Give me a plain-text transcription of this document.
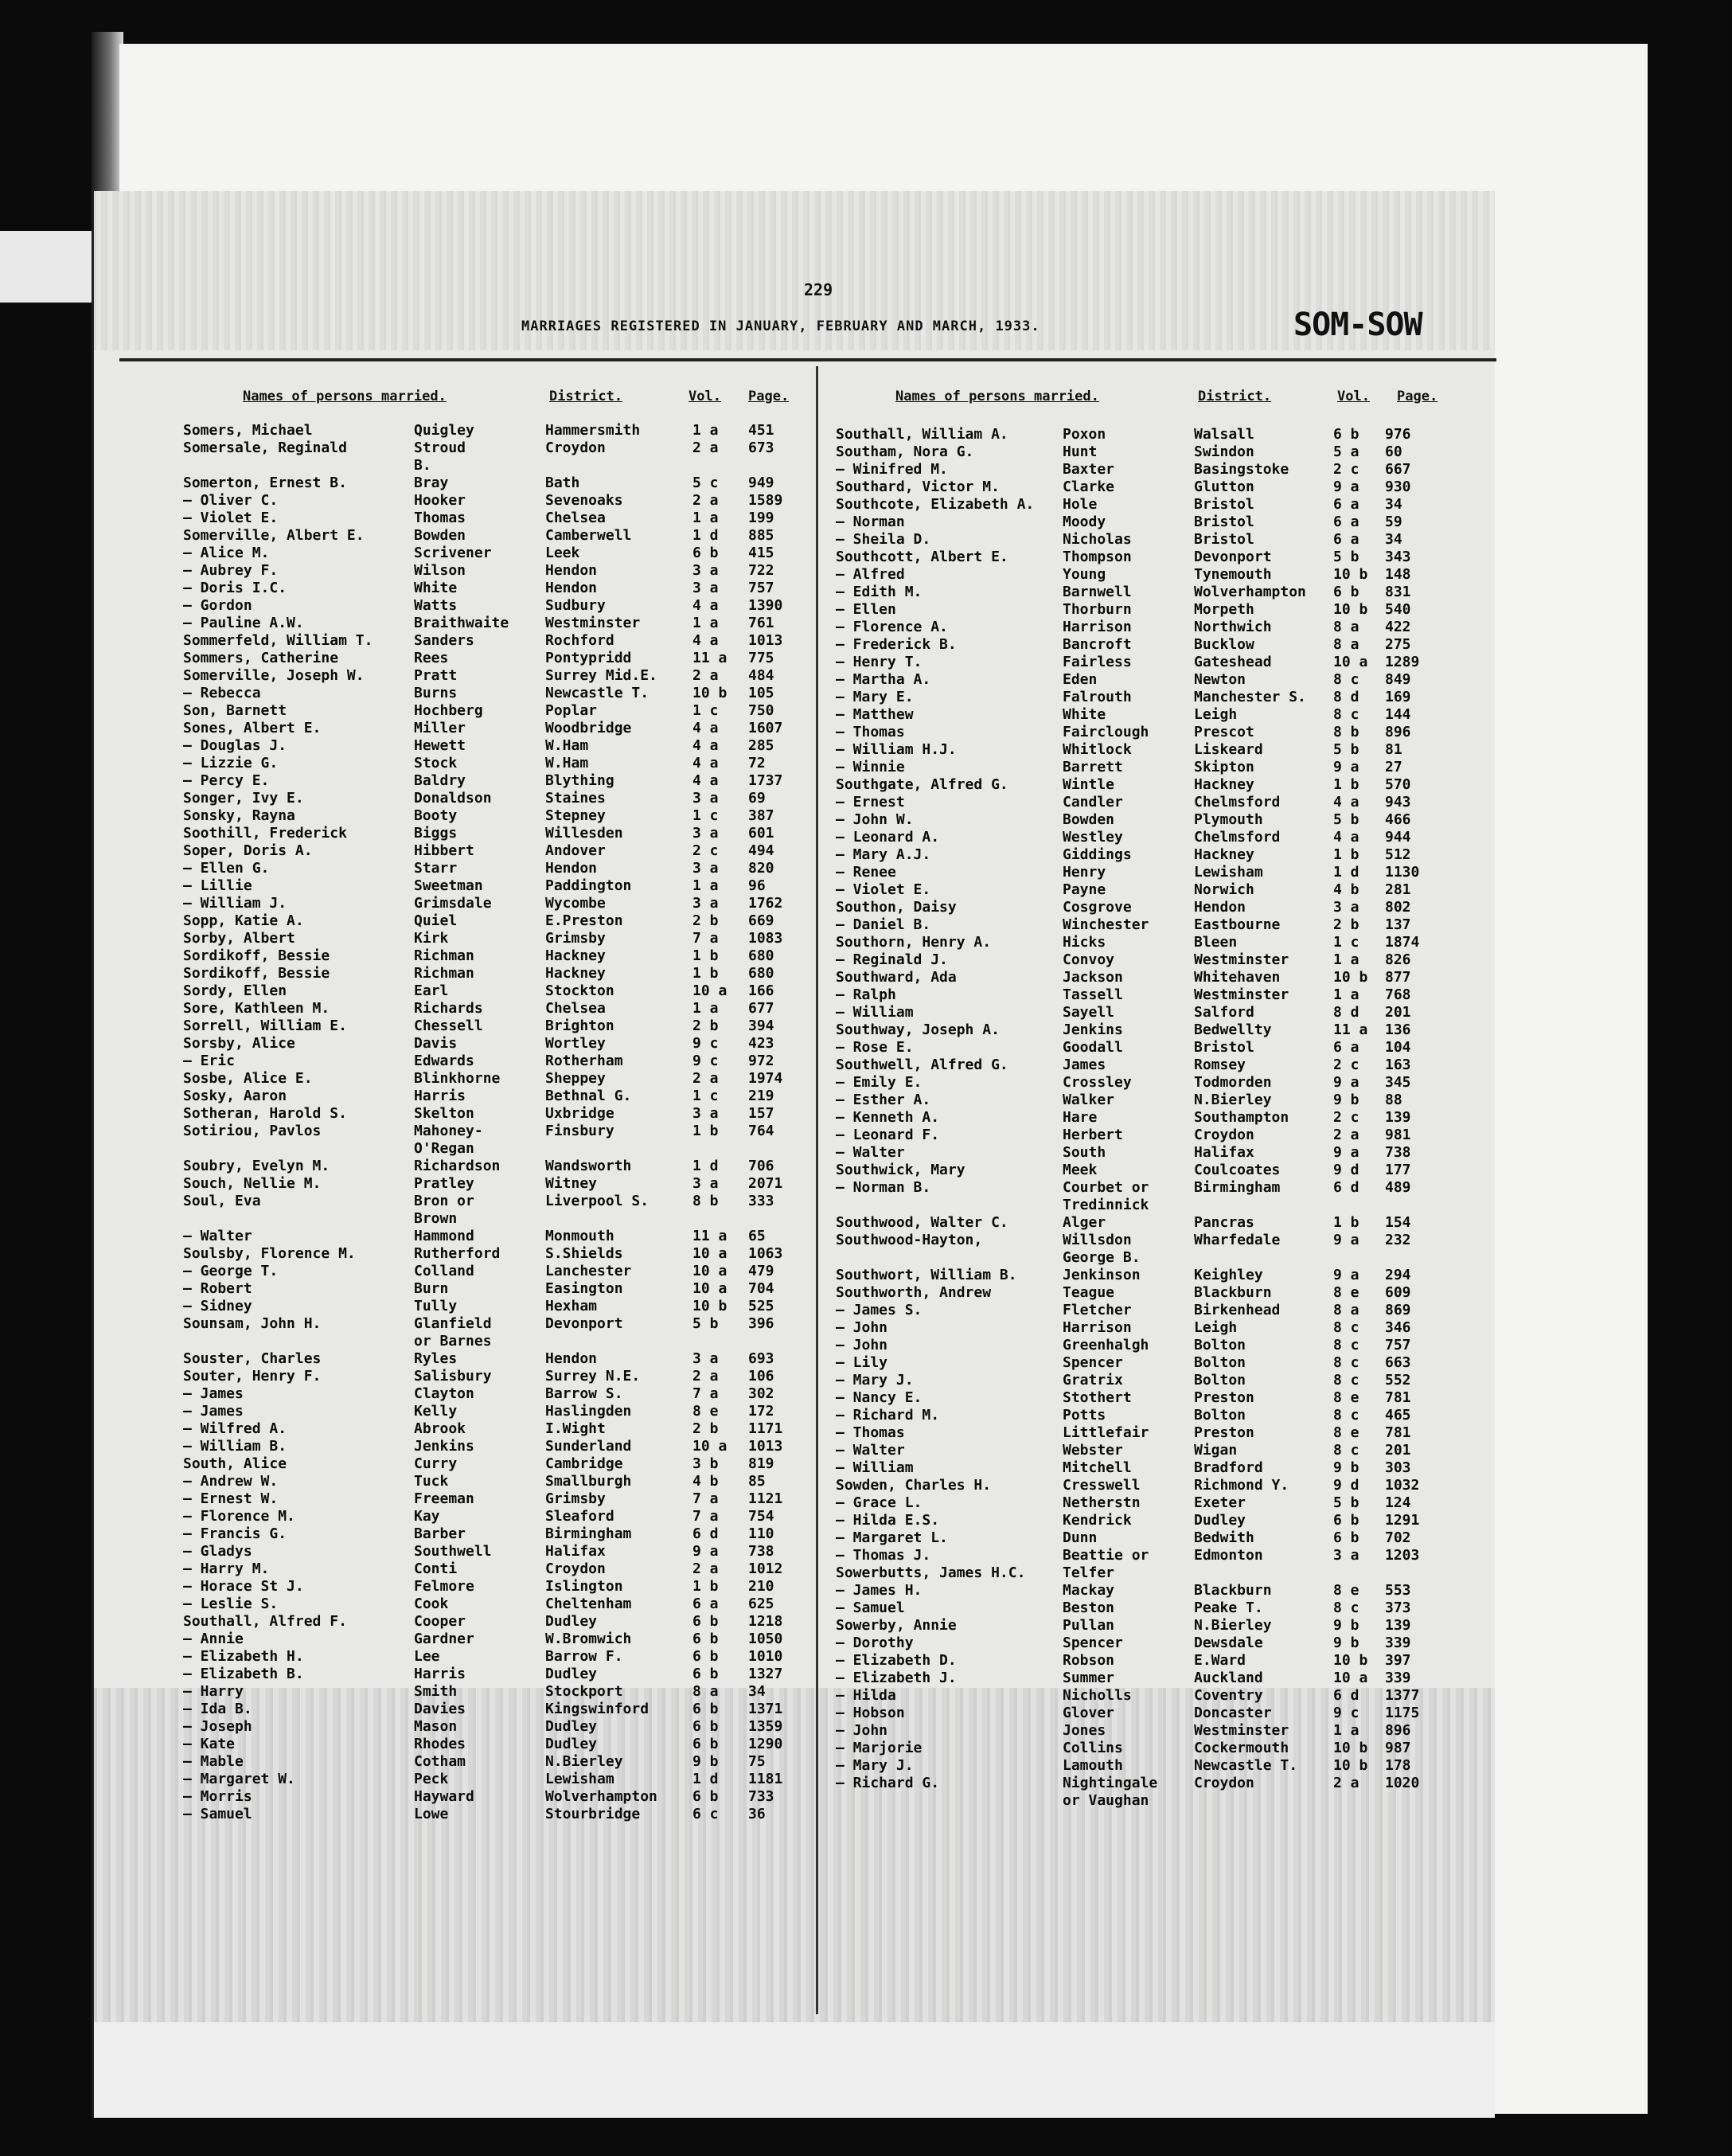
229
MARRIAGES REGISTERED IN JANUARY, FEBRUARY AND MARCH, 1933.	SOM-SOW
Names of persons married.	District.	Vol. Page.	Names of persons married.	District.	Vol. Page.
Somers, Michael	Quigley	Hammersmith	1 a 451
Somersale, Reginald	Stroud	Croydon	2 a 673
B.
Somerton, Ernest B.	Bray	Bath	5 c 949
— Oliver C.	Hooker	Sevenoaks	2 a 1589
— Violet E.	Thomas	Chelsea	1 a 199
Somerville, Albert E.	Bowden	Camberwell	1 d 885
— Alice M.	Scrivener	Leek	6 b 415
— Aubrey F.	Wilson	Hendon	3 a 722
— Doris I.C.	White	Hendon	3 a 757
— Gordon	Watts	Sudbury	4 a 1390
— Pauline A.W.	Braithwaite	Westminster	1 a 761
Sommerfeld, William T.	Sanders	Rochford	4 a 1013
Sommers, Catherine	Rees	Pontypridd	11 a 775
Somerville, Joseph W.	Pratt	Surrey Mid.E. 2 a 484
— Rebecca	Burns	Newcastle T.	10 b 105
Son, Barnett	Hochberg	Poplar	1 c 750
Sones, Albert E.	Miller	Woodbridge	4 a 1607
— Douglas J.	Hewett	W.Ham	4 a 285
— Lizzie G.	Stock	W.Ham	4 a 72
— Percy E.	Baldry	Blything	4 a 1737
Songer, Ivy E.	Donaldson	Staines	3 a 69
Sonsky, Rayna	Booty	Stepney	1 c 387
Soothill, Frederick	Biggs	Willesden	3 a 601
Soper, Doris A.	Hibbert	Andover	2 c 494
— Ellen G.	Starr	Hendon	3 a 820
— Lillie	Sweetman	Paddington	1 a 96
— William J.	Grimsdale	Wycombe	3 a 1762
Sopp, Katie A.	Quiel	E.Preston	2 b 669
Sorby, Albert	Kirk	Grimsby	7 a 1083
Sordikoff, Bessie	Richman	Hackney	1 b 680
Sordikoff, Bessie	Richman	Hackney	1 b 680
Sordy, Ellen	Earl	Stockton	10 a 166
Sore, Kathleen M.	Richards	Chelsea	1 a 677
Sorrell, William E.	Chessell	Brighton	2 b 394
Sorsby, Alice	Davis	Wortley	9 c 423
— Eric	Edwards	Rotherham	9 c 972
Sosbe, Alice E.	Blinkhorne	Sheppey	2 a 1974
Sosky, Aaron	Harris	Bethnal G.	1 c 219
Sotheran, Harold S.	Skelton	Uxbridge	3 a 157
Sotiriou, Pavlos	Mahoney-	Finsbury	1 b 764
O'Regan
Soubry, Evelyn M.	Richardson	Wandsworth	1 d 706
Souch, Nellie M.	Pratley	Witney	3 a 2071
Soul, Eva	Bron or	Liverpool S.	8 b 333
Brown
— Walter	Hammond	Monmouth	11 a 65
Soulsby, Florence M.	Rutherford	S.Shields	10 a 1063
— George T.	Colland	Lanchester	10 a 479
— Robert	Burn	Easington	10 a 704
— Sidney	Tully	Hexham	10 b 525
Sounsam, John H.	Glanfield	Devonport	5 b 396
or Barnes
Souster, Charles	Ryles	Hendon	3 a 693
Souter, Henry F.	Salisbury	Surrey N.E.	2 a 106
— James	Clayton	Barrow S.	7 a 302
— James	Kelly	Haslingden	8 e 172
— Wilfred A.	Abrook	I.Wight	2 b 1171
— William B.	Jenkins	Sunderland	10 a 1013
South, Alice	Curry	Cambridge	3 b 819
— Andrew W.	Tuck	Smallburgh	4 b 85
— Ernest W.	Freeman	Grimsby	7 a 1121
— Florence M.	Kay	Sleaford	7 a 754
— Francis G.	Barber	Birmingham	6 d 110
— Gladys	Southwell	Halifax	9 a 738
— Harry M.	Conti	Croydon	2 a 1012
— Horace St J.	Felmore	Islington	1 b 210
— Leslie S.	Cook	Cheltenham	6 a 625
Southall, Alfred F.	Cooper	Dudley	6 b 1218
— Annie	Gardner	W.Bromwich	6 b 1050
— Elizabeth H.	Lee	Barrow F.	6 b 1010
— Elizabeth B.	Harris	Dudley	6 b 1327
— Harry	Smith	Stockport	8 a 34
— Ida B.	Davies	Kingswinford	6 b 1371
— Joseph	Mason	Dudley	6 b 1359
— Kate	Rhodes	Dudley	6 b 1290
— Mable	Cotham	N.Bierley	9 b 75
— Margaret W.	Peck	Lewisham	1 d 1181
— Morris	Hayward	Wolverhampton 6 b 733
— Samuel	Lowe	Stourbridge	6 c 36
Southall, William A.	Poxon	Walsall	6 b 976
Southam, Nora G.	Hunt	Swindon	5 a 60
— Winifred M.	Baxter	Basingstoke	2 c 667
Southard, Victor M.	Clarke	Glutton	9 a 930
Southcote, Elizabeth A. Hole	Bristol	6 a 34
— Norman	Moody	Bristol	6 a 59
— Sheila D.	Nicholas	Bristol	6 a 34
Southcott, Albert E.	Thompson	Devonport	5 b 343
— Alfred	Young	Tynemouth	10 b 148
— Edith M.	Barnwell	Wolverhampton 6 b 831
— Ellen	Thorburn	Morpeth	10 b 540
— Florence A.	Harrison	Northwich	8 a 422
— Frederick B.	Bancroft	Bucklow	8 a 275
— Henry T.	Fairless	Gateshead	10 a 1289
— Martha A.	Eden	Newton	8 c 849
— Mary E.	Falrouth	Manchester S. 8 d 169
— Matthew	White	Leigh	8 c 144
— Thomas	Fairclough	Prescot	8 b 896
— William H.J.	Whitlock	Liskeard	5 b 81
— Winnie	Barrett	Skipton	9 a 27
Southgate, Alfred G.	Wintle	Hackney	1 b 570
— Ernest	Candler	Chelmsford	4 a 943
— John W.	Bowden	Plymouth	5 b 466
— Leonard A.	Westley	Chelmsford	4 a 944
— Mary A.J.	Giddings	Hackney	1 b 512
— Renee	Henry	Lewisham	1 d 1130
— Violet E.	Payne	Norwich	4 b 281
Southon, Daisy	Cosgrove	Hendon	3 a 802
— Daniel B.	Winchester	Eastbourne	2 b 137
Southorn, Henry A.	Hicks	Bleen	1 c 1874
— Reginald J.	Convoy	Westminster	1 a 826
Southward, Ada	Jackson	Whitehaven	10 b 877
— Ralph	Tassell	Westminster	1 a 768
— William	Sayell	Salford	8 d 201
Southway, Joseph A.	Jenkins	Bedwellty	11 a 136
— Rose E.	Goodall	Bristol	6 a 104
Southwell, Alfred G.	James	Romsey	2 c 163
— Emily E.	Crossley	Todmorden	9 a 345
— Esther A.	Walker	N.Bierley	9 b 88
— Kenneth A.	Hare	Southampton	2 c 139
— Leonard F.	Herbert	Croydon	2 a 981
— Walter	South	Halifax	9 a 738
Southwick, Mary	Meek	Coulcoates	9 d 177
— Norman B.	Courbet or	Birmingham	6 d 489
Tredinnick
Southwood, Walter C.	Alger	Pancras	1 b 154
Southwood-Hayton,	Willsdon	Wharfedale	9 a 232
George B.
Southwort, William B.	Jenkinson	Keighley	9 a 294
Southworth, Andrew	Teague	Blackburn	8 e 609
— James S.	Fletcher	Birkenhead	8 a 869
— John	Harrison	Leigh	8 c 346
— John	Greenhalgh	Bolton	8 c 757
— Lily	Spencer	Bolton	8 c 663
— Mary J.	Gratrix	Bolton	8 c 552
— Nancy E.	Stothert	Preston	8 e 781
— Richard M.	Potts	Bolton	8 c 465
— Thomas	Littlefair	Preston	8 e 781
— Walter	Webster	Wigan	8 c 201
— William	Mitchell	Bradford	9 b 303
Sowden, Charles H.	Cresswell	Richmond Y.	9 d 1032
— Grace L.	Netherstn	Exeter	5 b 124
— Hilda E.S.	Kendrick	Dudley	6 b 1291
— Margaret L.	Dunn	Bedwith	6 b 702
— Thomas J.	Beattie or	Edmonton	3 a 1203
Sowerbutts, James H.C.	Telfer
— James H.	Mackay	Blackburn	8 e 553
— Samuel	Beston	Peake T.	8 c 373
Sowerby, Annie	Pullan	N.Bierley	9 b 139
— Dorothy	Spencer	Dewsdale	9 b 339
— Elizabeth D.	Robson	E.Ward	10 b 397
— Elizabeth J.	Summer	Auckland	10 a 339
— Hilda	Nicholls	Coventry	6 d 1377
— Hobson	Glover	Doncaster	9 c 1175
— John	Jones	Westminster	1 a 896
— Marjorie	Collins	Cockermouth	10 b 987
— Mary J.	Lamouth	Newcastle T. 10 b 178
— Richard G.	Nightingale	Croydon	2 a 1020
or Vaughan
